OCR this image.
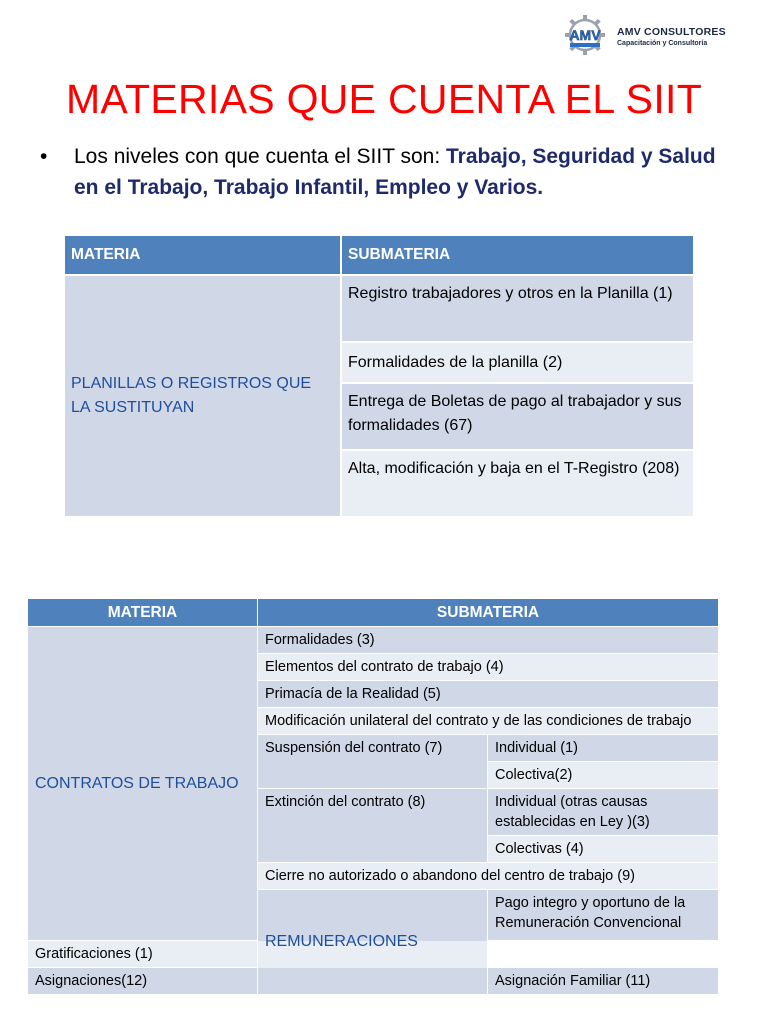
AMV AMV CONSULTORES
Capacitación y Consultoría
MATERIAS QUE CUENTA EL SIIT
• Los niveles con que cuenta el SIIT son: Trabajo, Seguridad y Salud en el Trabajo, Trabajo Infantil, Empleo y Varios.
MATERIA	SUBMATERIA
PLANILLAS O REGISTROS QUE LA SUSTITUYAN	Registro trabajadores y otros en la Planilla (1)
	Formalidades de la planilla (2)
	Entrega de Boletas de pago al trabajador y sus formalidades (67)
	Alta, modificación y baja en el T-Registro (208)
MATERIA	SUBMATERIA	
CONTRATOS DE TRABAJO	Formalidades (3)	
	Elementos del contrato de trabajo (4)	
	Primacía de la Realidad (5)	
	Modificación unilateral del contrato y de las condiciones de trabajo	
	Suspensión del contrato (7)	Individual (1)
		Colectiva(2)
	Extinción del contrato (8)	Individual (otras causas establecidas en Ley )(3)
		Colectivas (4)
	Cierre no autorizado o abandono del centro de trabajo (9)	
	REMUNERACIONES	Pago integro y oportuno de la Remuneración Convencional
Gratificaciones (1)		
Asignaciones(12)		Asignación Familiar (11)
